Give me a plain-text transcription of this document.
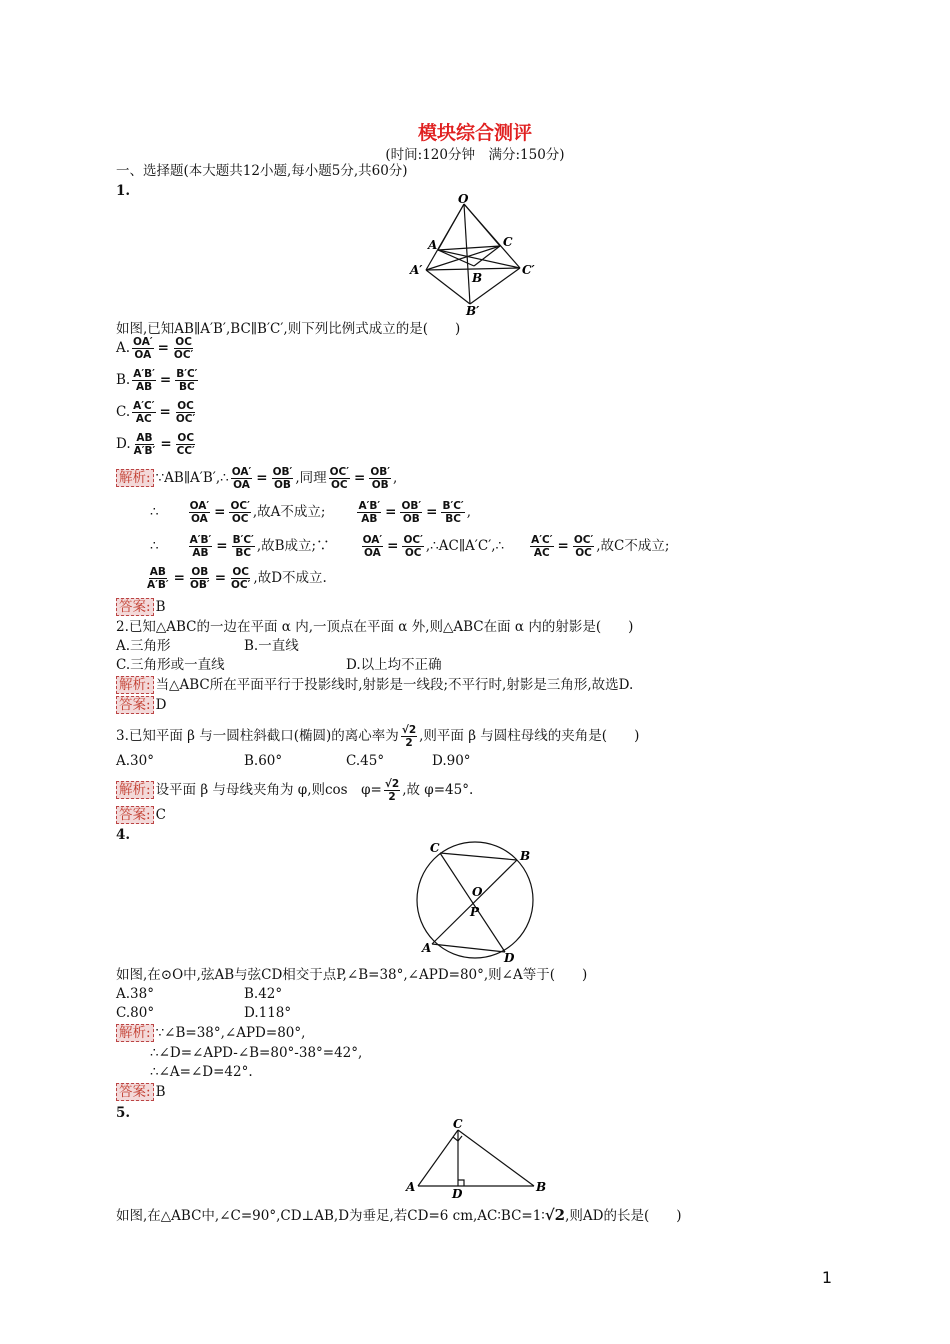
模块综合测评
(时间:120分钟　满分:150分)

一、选择题(本大题共12小题,每小题5分,共60分)

1.	O
A	C
A′
B
C′
B′

如图,已知AB∥A′B′,BC∥B′C′,则下列比例式成立的是(　　)

A. $\frac{OA'}{OA} = \frac{OC}{OC'}$

B. $\frac{A'B'}{AB} = \frac{B'C'}{BC}$

C. $\frac{A'C'}{AC} = \frac{OC}{OC'}$

D. $\frac{AB}{A'B'} = \frac{OC}{CC'}$

解析: ∵AB∥A′B′,∴ $\frac{OA'}{OA} = \frac{OB'}{OB}$ ,同理 $\frac{OC'}{OC} = \frac{OB'}{OB}$ ,

∴	$\frac{OA'}{OA} = \frac{OC'}{OC}$ ,故A不成立;	$\frac{A'B'}{AB} = \frac{OB'}{OB} = \frac{B'C'}{BC}$ ,

∴	$\frac{A'B'}{AB} = \frac{B'C'}{BC}$ ,故B成立;∵	$\frac{OA'}{OA} = \frac{OC'}{OC}$ ,∴AC∥A′C′,∴ $\frac{A'C'}{AC} = \frac{OC'}{OC}$ ,故C不成立;

$\frac{AB}{A'B'} = \frac{OB}{OB'} = \frac{OC}{OC'}$ ,故D不成立.

答案: B

2.已知△ABC的一边在平面 α 内,一顶点在平面 α 外,则△ABC在面 α 内的射影是(　　)

A.三角形	B.一直线

C.三角形或一直线	D.以上均不正确

解析: 当△ABC所在平面平行于投影线时,射影是一线段;不平行时,射影是三角形,故选D.

答案: D

3.已知平面 β 与一圆柱斜截口(椭圆)的离心率为 $\frac{√2}{2}$ ,则平面 β 与圆柱母线的夹角是(　　)

A.30°	B.60°	C.45°	D.90°

解析: 设平面 β 与母线夹角为 φ,则cos　$\varphi= \frac{√2}{2}$ ,故 φ=45°.

答案: C

4.

C
B
O
P
A
D

如图,在⊙O中,弦AB与弦CD相交于点P,∠B=38°,∠APD=80°,则∠A等于(　　)

A.38°	B.42°

C.80°	D.118°

解析: ∵∠B=38°,∠APD=80°,

∴∠D=∠APD-∠B=80°-38°=42°,

∴∠A=∠D=42°.

答案: B

5.

C
A	D	B

如图,在△ABC中,∠C=90°,CD⊥AB,D为垂足,若CD=6 cm,AC∶BC=1∶√2,则AD的长是(　　)

1
